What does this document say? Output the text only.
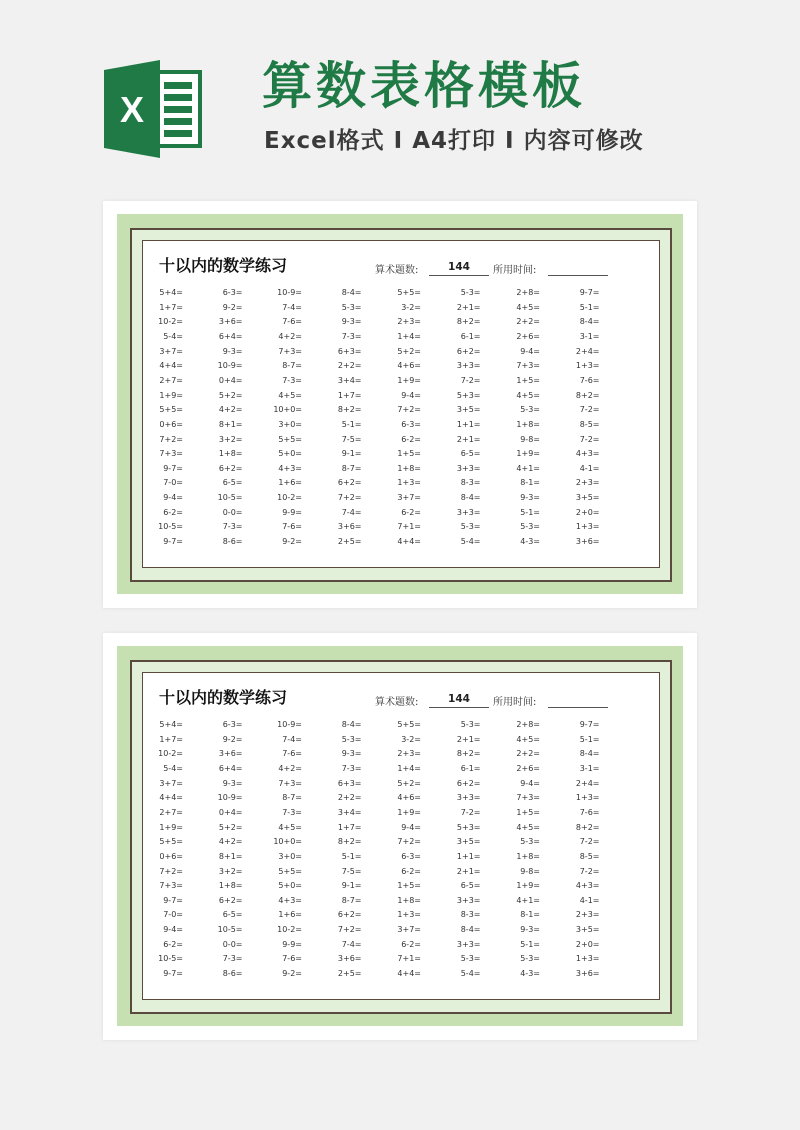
X 算数表格模板
Excel格式 Ι A4打印 Ι 内容可修改
十以内的数学练习	算术题数:	144	所用时间:
5+4=	6-3=	10-9=	8-4=	5+5=	5-3=	2+8=	9-7=
1+7=	9-2=	7-4=	5-3=	3-2=	2+1=	4+5=	5-1=
10-2=	3+6=	7-6=	9-3=	2+3=	8+2=	2+2=	8-4=
5-4=	6+4=	4+2=	7-3=	1+4=	6-1=	2+6=	3-1=
3+7=	9-3=	7+3=	6+3=	5+2=	6+2=	9-4=	2+4=
4+4=	10-9=	8-7=	2+2=	4+6=	3+3=	7+3=	1+3=
2+7=	0+4=	7-3=	3+4=	1+9=	7-2=	1+5=	7-6=
1+9=	5+2=	4+5=	1+7=	9-4=	5+3=	4+5=	8+2=
5+5=	4+2=	10+0=	8+2=	7+2=	3+5=	5-3=	7-2=
0+6=	8+1=	3+0=	5-1=	6-3=	1+1=	1+8=	8-5=
7+2=	3+2=	5+5=	7-5=	6-2=	2+1=	9-8=	7-2=
7+3=	1+8=	5+0=	9-1=	1+5=	6-5=	1+9=	4+3=
9-7=	6+2=	4+3=	8-7=	1+8=	3+3=	4+1=	4-1=
7-0=	6-5=	1+6=	6+2=	1+3=	8-3=	8-1=	2+3=
9-4=	10-5=	10-2=	7+2=	3+7=	8-4=	9-3=	3+5=
6-2=	0-0=	9-9=	7-4=	6-2=	3+3=	5-1=	2+0=
10-5=	7-3=	7-6=	3+6=	7+1=	5-3=	5-3=	1+3=
9-7=	8-6=	9-2=	2+5=	4+4=	5-4=	4-3=	3+6=
十以内的数学练习	算术题数:	144	所用时间:
5+4=	6-3=	10-9=	8-4=	5+5=	5-3=	2+8=	9-7=
1+7=	9-2=	7-4=	5-3=	3-2=	2+1=	4+5=	5-1=
10-2=	3+6=	7-6=	9-3=	2+3=	8+2=	2+2=	8-4=
5-4=	6+4=	4+2=	7-3=	1+4=	6-1=	2+6=	3-1=
3+7=	9-3=	7+3=	6+3=	5+2=	6+2=	9-4=	2+4=
4+4=	10-9=	8-7=	2+2=	4+6=	3+3=	7+3=	1+3=
2+7=	0+4=	7-3=	3+4=	1+9=	7-2=	1+5=	7-6=
1+9=	5+2=	4+5=	1+7=	9-4=	5+3=	4+5=	8+2=
5+5=	4+2=	10+0=	8+2=	7+2=	3+5=	5-3=	7-2=
0+6=	8+1=	3+0=	5-1=	6-3=	1+1=	1+8=	8-5=
7+2=	3+2=	5+5=	7-5=	6-2=	2+1=	9-8=	7-2=
7+3=	1+8=	5+0=	9-1=	1+5=	6-5=	1+9=	4+3=
9-7=	6+2=	4+3=	8-7=	1+8=	3+3=	4+1=	4-1=
7-0=	6-5=	1+6=	6+2=	1+3=	8-3=	8-1=	2+3=
9-4=	10-5=	10-2=	7+2=	3+7=	8-4=	9-3=	3+5=
6-2=	0-0=	9-9=	7-4=	6-2=	3+3=	5-1=	2+0=
10-5=	7-3=	7-6=	3+6=	7+1=	5-3=	5-3=	1+3=
9-7=	8-6=	9-2=	2+5=	4+4=	5-4=	4-3=	3+6=
